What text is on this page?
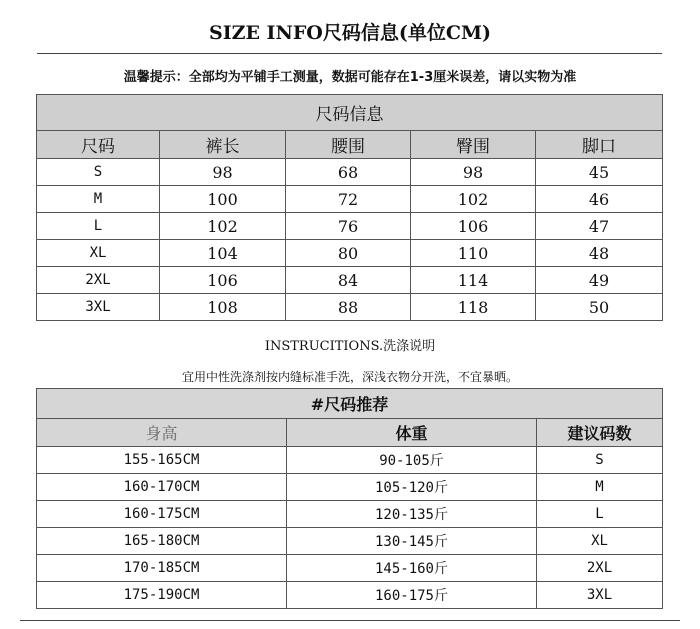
SIZE INFO尺码信息(单位CM)
温馨提示：全部均为平铺手工测量，数据可能存在1-3厘米误差，请以实物为准
尺码信息				
尺码	裤长	腰围	臀围	脚口
S	98	68	98	45
M	100	72	102	46
L	102	76	106	47
XL	104	80	110	48
2XL	106	84	114	49
3XL	108	88	118	50
INSTRUCITIONS.洗涤说明
宜用中性洗涤剂按内缝标准手洗，深浅衣物分开洗，不宜暴晒。
#尺码推荐		
身高	体重	建议码数
155-165CM	90-105斤	S
160-170CM	105-120斤	M
160-175CM	120-135斤	L
165-180CM	130-145斤	XL
170-185CM	145-160斤	2XL
175-190CM	160-175斤	3XL
